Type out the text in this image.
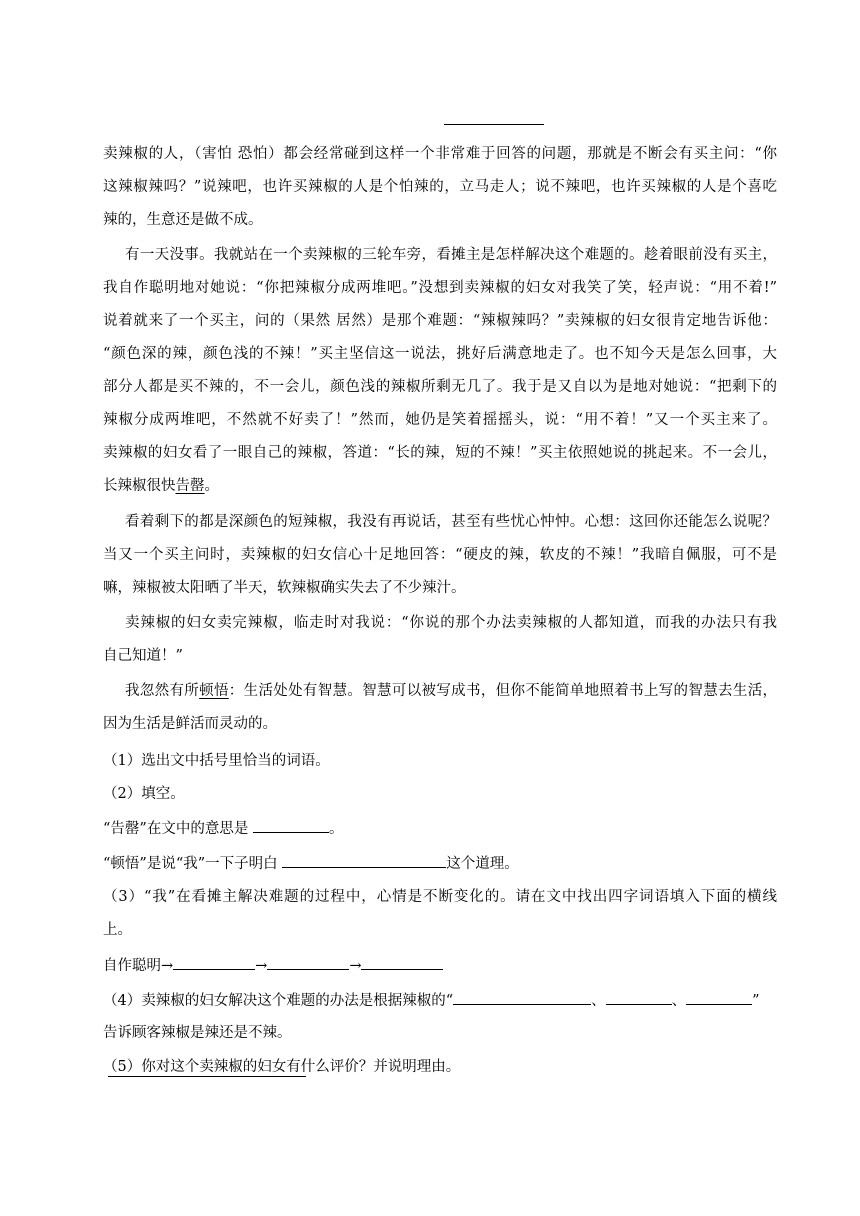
卖辣椒的人，（害怕 恐怕）都会经常碰到这样一个非常难于回答的问题，那就是不断会有买主问：“你
这辣椒辣吗？”说辣吧，也许买辣椒的人是个怕辣的，立马走人；说不辣吧，也许买辣椒的人是个喜吃
辣的，生意还是做不成。
有一天没事。我就站在一个卖辣椒的三轮车旁，看摊主是怎样解决这个难题的。趁着眼前没有买主，
我自作聪明地对她说：“你把辣椒分成两堆吧。”没想到卖辣椒的妇女对我笑了笑，轻声说：“用不着!”
说着就来了一个买主，问的（果然 居然）是那个难题：“辣椒辣吗？”卖辣椒的妇女很肯定地告诉他：
“颜色深的辣，颜色浅的不辣！”买主坚信这一说法，挑好后满意地走了。也不知今天是怎么回事，大
部分人都是买不辣的，不一会儿，颜色浅的辣椒所剩无几了。我于是又自以为是地对她说：“把剩下的
辣椒分成两堆吧，不然就不好卖了！”然而，她仍是笑着摇摇头，说：“用不着！”又一个买主来了。
卖辣椒的妇女看了一眼自己的辣椒，答道：“长的辣，短的不辣！”买主依照她说的挑起来。不一会儿，
长辣椒很快告罄。
看着剩下的都是深颜色的短辣椒，我没有再说话，甚至有些忧心忡忡。心想：这回你还能怎么说呢？
当又一个买主问时，卖辣椒的妇女信心十足地回答：“硬皮的辣，软皮的不辣！”我暗自佩服，可不是
嘛，辣椒被太阳晒了半天，软辣椒确实失去了不少辣汁。
卖辣椒的妇女卖完辣椒，临走时对我说：“你说的那个办法卖辣椒的人都知道，而我的办法只有我
自己知道！”
我忽然有所顿悟：生活处处有智慧。智慧可以被写成书，但你不能简单地照着书上写的智慧去生活，
因为生活是鲜活而灵动的。
（1）选出文中括号里恰当的词语。
（2）填空。
“告罄”在文中的意思是	。
“顿悟”是说“我”一下子明白	这个道理。
（3）“我”在看摊主解决难题的过程中，心情是不断变化的。请在文中找出四字词语填入下面的横线
上。
自作聪明→	→	→
（4）卖辣椒的妇女解决这个难题的办法是根据辣椒的“	、	、	”
告诉顾客辣椒是辣还是不辣。
（5）你对这个卖辣椒的妇女有什么评价？并说明理由。
